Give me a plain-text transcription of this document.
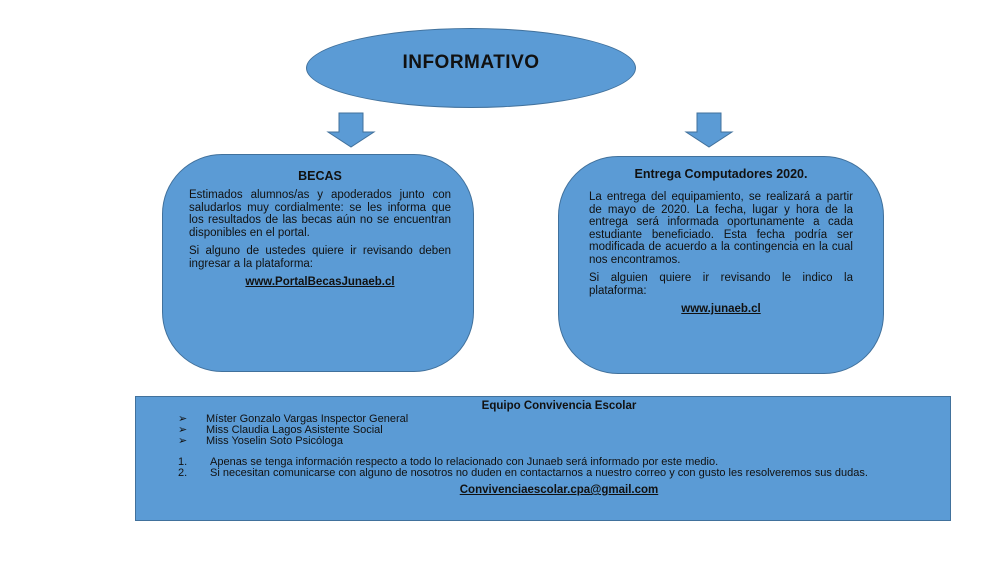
INFORMATIVO
BECAS

Estimados alumnos/as y apoderados junto con saludarlos muy cordialmente: se les informa que los resultados de las becas aún no se encuentran disponibles en el portal.

Si alguno de ustedes quiere ir revisando deben ingresar a la plataforma:

www.PortalBecasJunaeb.cl

Entrega Computadores 2020.

La entrega del equipamiento, se realizará a partir de mayo de 2020. La fecha, lugar y hora de la entrega será informada oportunamente a cada estudiante beneficiado. Esta fecha podría ser modificada de acuerdo a la contingencia en la cual nos encontramos.

Si alguien quiere ir revisando le indico la plataforma:

www.junaeb.cl

Equipo Convivencia Escolar
➢	Míster Gonzalo Vargas Inspector General
➢	Miss Claudia Lagos Asistente Social
➢	Miss Yoselin Soto Psicóloga
1.	Apenas se tenga información respecto a todo lo relacionado con Junaeb será informado por este medio.
2.	Si necesitan comunicarse con alguno de nosotros no duden en contactarnos a nuestro correo y con gusto les resolveremos sus dudas.
Convivenciaescolar.cpa@gmail.com
